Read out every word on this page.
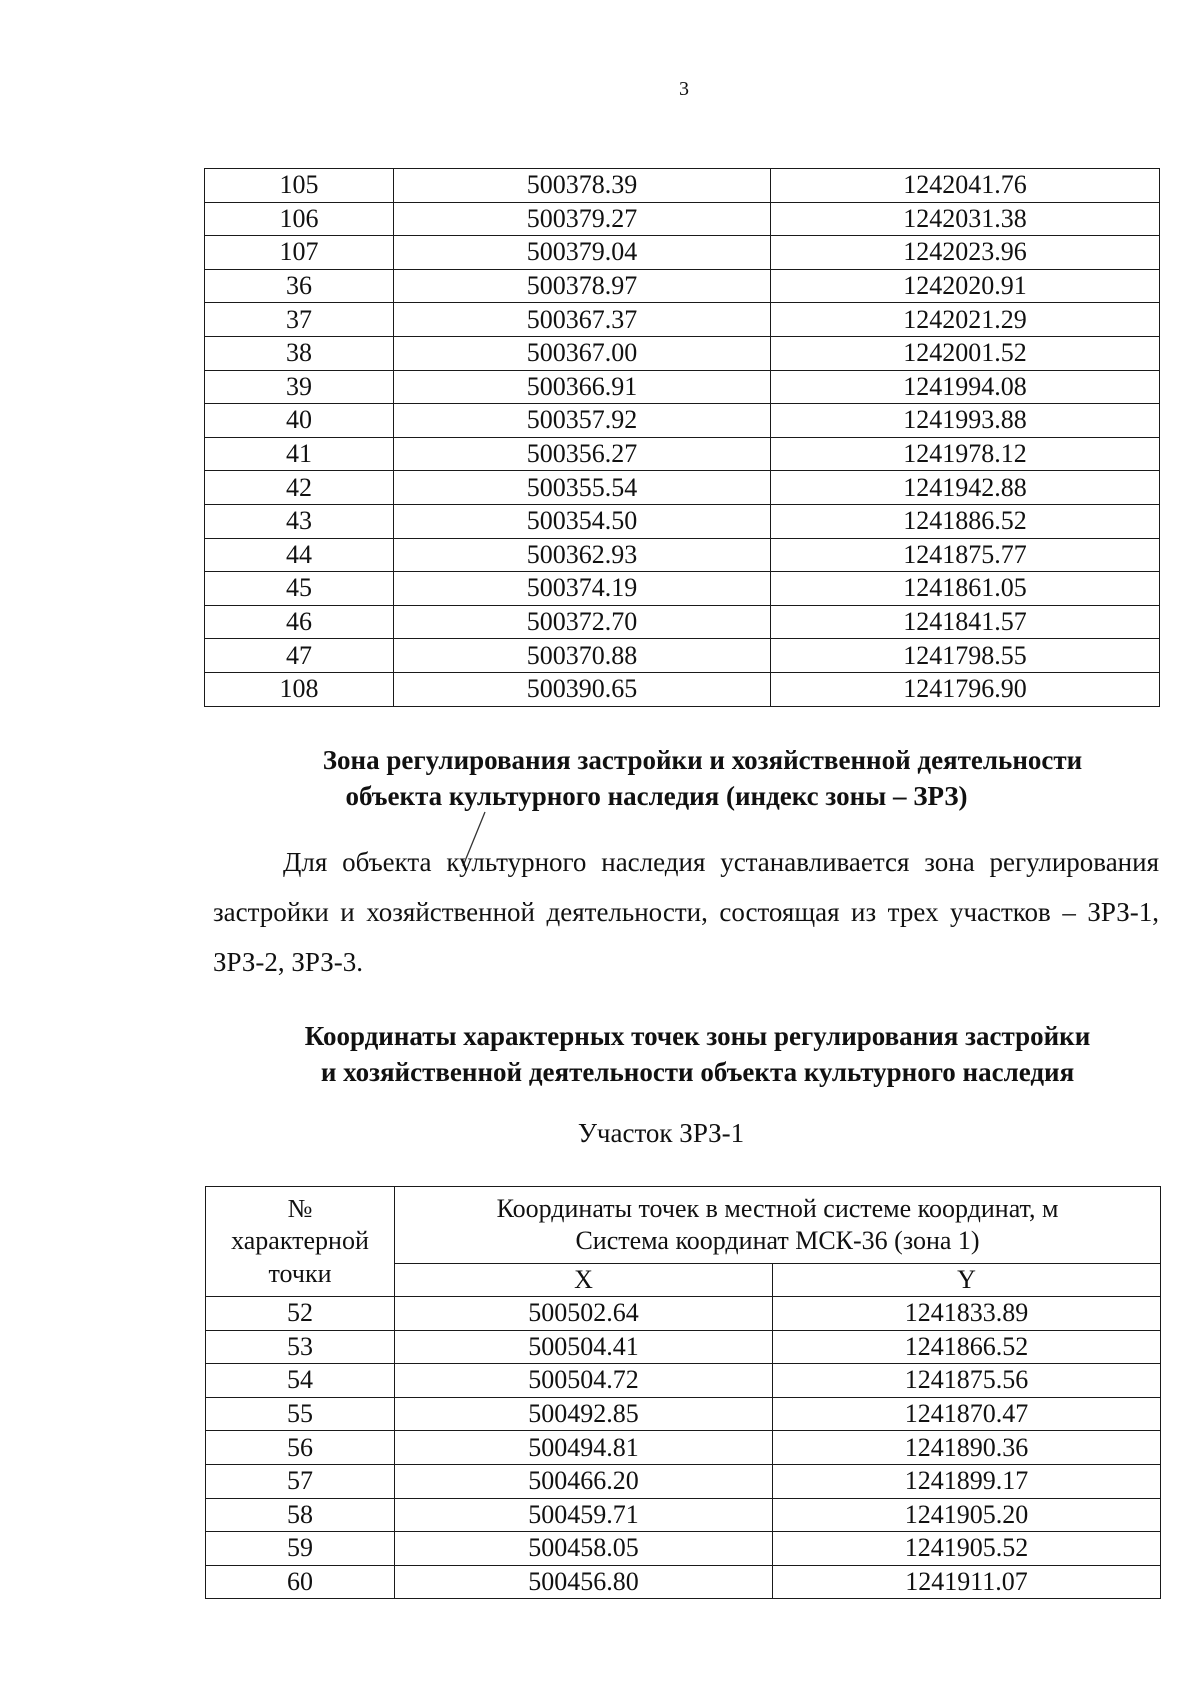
3
105	500378.39	1242041.76
106	500379.27	1242031.38
107	500379.04	1242023.96
36	500378.97	1242020.91
37	500367.37	1242021.29
38	500367.00	1242001.52
39	500366.91	1241994.08
40	500357.92	1241993.88
41	500356.27	1241978.12
42	500355.54	1241942.88
43	500354.50	1241886.52
44	500362.93	1241875.77
45	500374.19	1241861.05
46	500372.70	1241841.57
47	500370.88	1241798.55
108	500390.65	1241796.90
Зона регулирования застройки и хозяйственной деятельности

объекта культурного наследия (индекс зоны – ЗРЗ)
Для объекта культурного наследия устанавливается зона регулирования застройки и хозяйственной деятельности, состоящая из трех участков – ЗРЗ-1, ЗРЗ-2, ЗРЗ-3.
Координаты характерных точек зоны регулирования застройки
и хозяйственной деятельности объекта культурного наследия
Участок ЗРЗ-1
№
характерной
точки	Координаты точек в местной системе координат, м
Система координат МСК-36 (зона 1)	
	X	Y
52	500502.64	1241833.89
53	500504.41	1241866.52
54	500504.72	1241875.56
55	500492.85	1241870.47
56	500494.81	1241890.36
57	500466.20	1241899.17
58	500459.71	1241905.20
59	500458.05	1241905.52
60	500456.80	1241911.07
